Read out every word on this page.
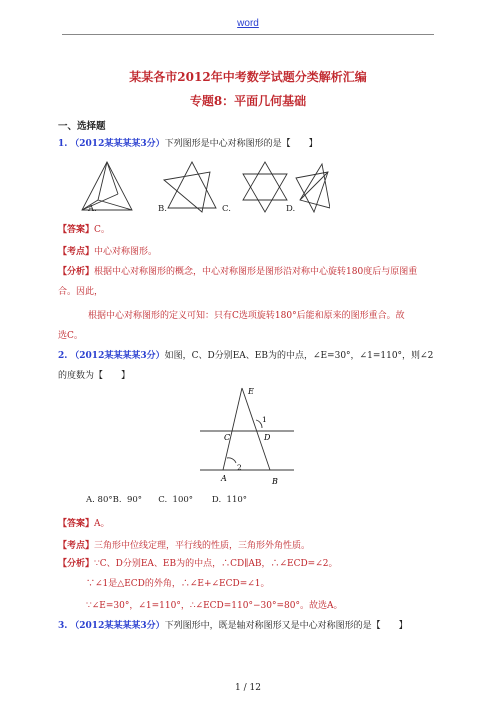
word
某某各市2012年中考数学试题分类解析汇编
专题8：平面几何基础
一、选择题
1. （2012某某某某3分）下列图形是中心对称图形的是【　　】
A.	B.	C.	D.
【答案】C。
【考点】中心对称图形。
【分析】根据中心对称图形的概念，中心对称图形是图形沿对称中心旋转180度后与原图重
合。因此，
根据中心对称图形的定义可知：只有C选项旋转180°后能和原来的图形重合。故
选C。
2. （2012某某某某3分）如图，C、D分别EA、EB为的中点，∠E=30°，∠1=110°，则∠2
的度数为【　　】
E
1
C	D
2
A	B
A. 80°B.  90°      C.  100°       D.  110°
【答案】A。
【考点】三角形中位线定理，平行线的性质，三角形外角性质。
【分析】∵C、D分别EA、EB为的中点，∴CD∥AB，∴∠ECD=∠2。
∵∠1是△ECD的外角，∴∠E+∠ECD=∠1。
∵∠E=30°，∠1=110°，∴∠ECD=110°−30°=80°。故选A。
3. （2012某某某某3分）下列图形中，既是轴对称图形又是中心对称图形的是【　　】
1 / 12
